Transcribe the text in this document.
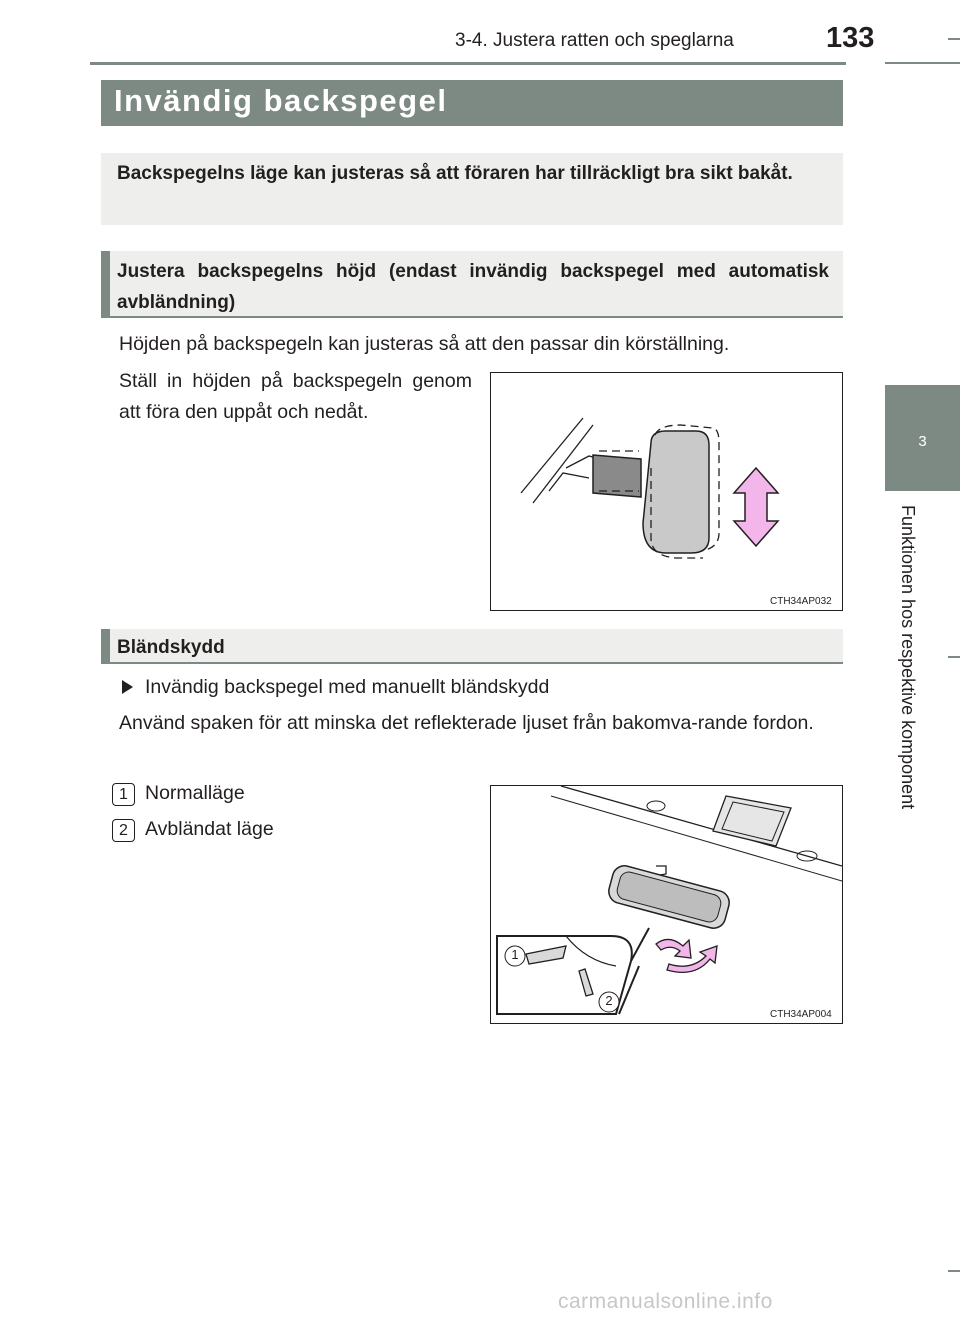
3-4. Justera ratten och speglarna	133
3
Funktionen hos respektive komponent
Invändig backspegel
Backspegelns läge kan justeras så att föraren har tillräckligt bra sikt bakåt.
Justera backspegelns höjd (endast invändig backspegel med automatisk avbländning)
Höjden på backspegeln kan justeras så att den passar din körställning.
Ställ in höjden på backspegeln genom att föra den uppåt och nedåt.
CTH34AP032
Bländskydd
Invändig backspegel med manuellt bländskydd
Använd spaken för att minska det reflekterade ljuset från bakomva-rande fordon.
1 Normalläge
2 Avbländat läge
1
2
CTH34AP004
carmanualsonline.info
